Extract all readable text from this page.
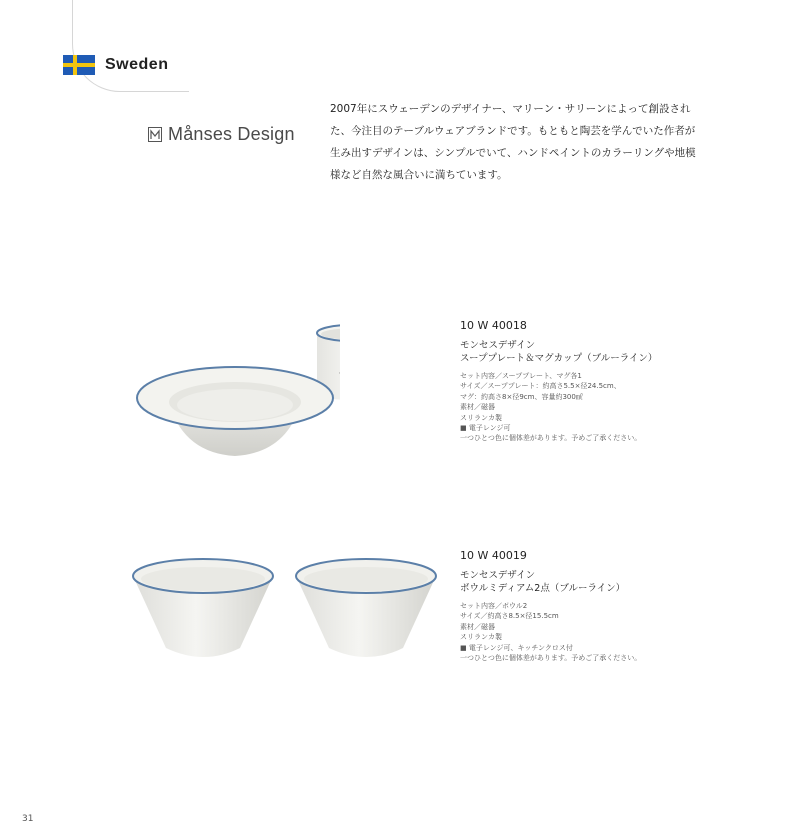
Sweden
Månses Design

2007年にスウェーデンのデザイナー、マリーン・サリーンによって創設され

た、今注目のテーブルウェアブランドです。もともと陶芸を学んでいた作者が

生み出すデザインは、シンプルでいて、ハンドペイントのカラーリングや地模

様など自然な風合いに満ちています。

10 W 40018
モンセスデザイン
スーププレート＆マグカップ（ブルーライン）
セット内容／スーププレート、マグ各1
サイズ／スーププレート：約高さ5.5×径24.5cm、
マグ：約高さ8×径9cm、容量約300㎖
素材／磁器
スリランカ製
■ 電子レンジ可
一つひとつ色に個体差があります。予めご了承ください。
10 W 40019
モンセスデザイン
ボウルミディアム2点（ブルーライン）
セット内容／ボウル2
サイズ／約高さ8.5×径15.5cm
素材／磁器
スリランカ製
■ 電子レンジ可、キッチンクロス付
一つひとつ色に個体差があります。予めご了承ください。
31
